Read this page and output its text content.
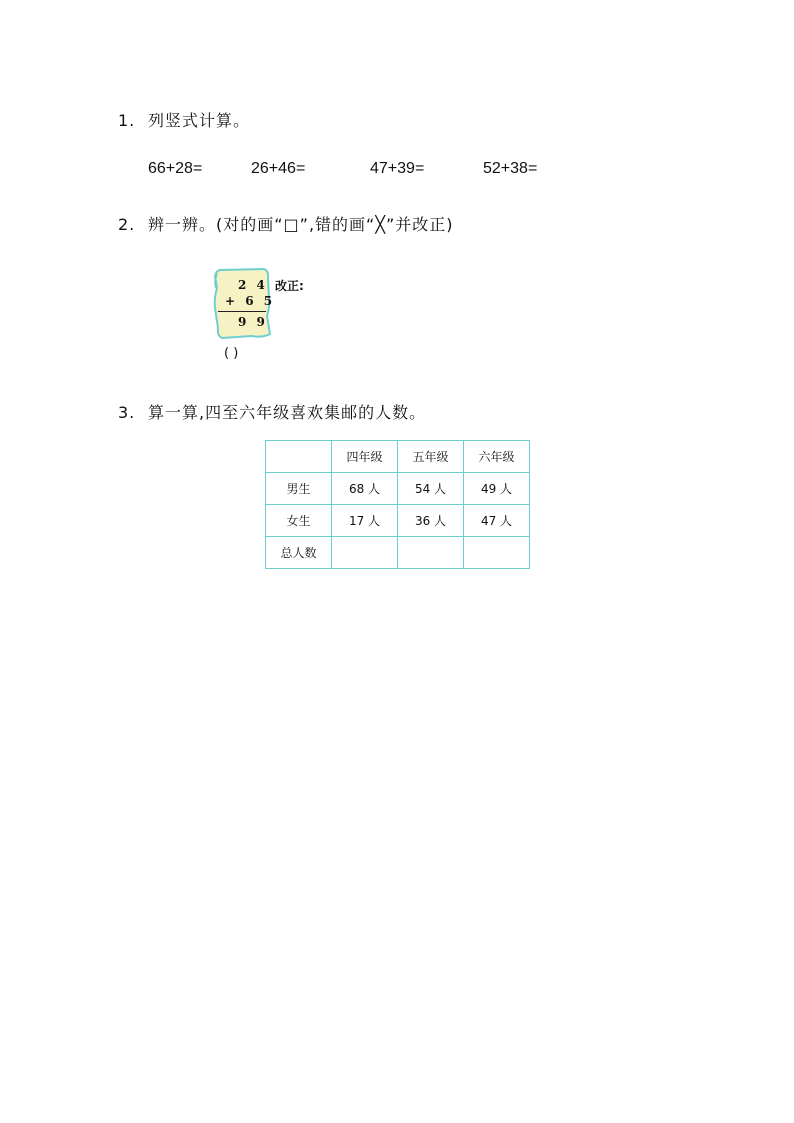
1. 列竖式计算。
66+28=	26+46=	47+39=	52+38=
2. 辨一辨。(对的画“□”,错的画“╳”并改正)
2 4
+ 6 5
9 9
改正:
( )
3. 算一算,四至六年级喜欢集邮的人数。
	四年级	五年级	六年级
男生	68 人	54 人	49 人
女生	17 人	36 人	47 人
总人数			
